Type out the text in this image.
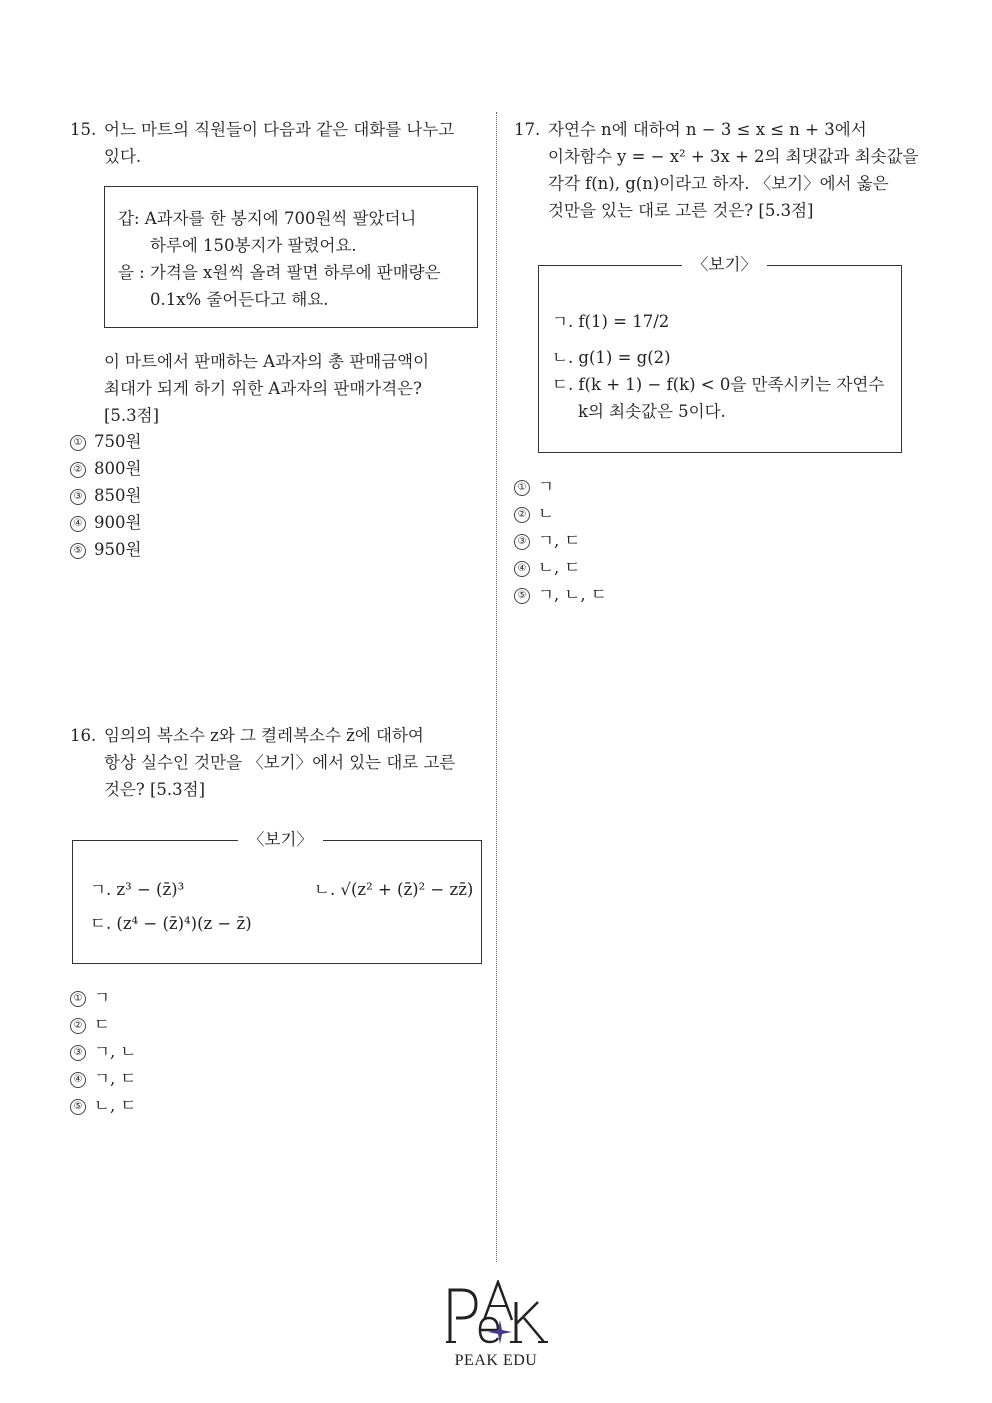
15. 어느 마트의 직원들이 다음과 같은 대화를 나누고
있다.
갑: A과자를 한 봉지에 700원씩 팔았더니
하루에 150봉지가 팔렸어요.
을 : 가격을 x원씩 올려 팔면 하루에 판매량은
0.1x% 줄어든다고 해요.
이 마트에서 판매하는 A과자의 총 판매금액이
최대가 되게 하기 위한 A과자의 판매가격은?
[5.3점]
① 750원
② 800원
③ 850원
④ 900원
⑤ 950원
16. 임의의 복소수 z와 그 켤레복소수 z̄에 대하여
항상 실수인 것만을 〈보기〉에서 있는 대로 고른
것은? [5.3점]
〈보기〉
ㄱ. z³ − (z̄)³	ㄴ. √(z² + (z̄)² − zz̄)
ㄷ. (z⁴ − (z̄)⁴)(z − z̄)
① ㄱ
② ㄷ
③ ㄱ, ㄴ
④ ㄱ, ㄷ
⑤ ㄴ, ㄷ
17. 자연수 n에 대하여 n − 3 ≤ x ≤ n + 3에서
이차함수 y = − x² + 3x + 2의 최댓값과 최솟값을
각각 f(n), g(n)이라고 하자. 〈보기〉에서 옳은
것만을 있는 대로 고른 것은? [5.3점]
〈보기〉
ㄱ. f(1) = 17/2
ㄴ. g(1) = g(2)
ㄷ. f(k + 1) − f(k) < 0을 만족시키는 자연수
k의 최솟값은 5이다.
① ㄱ
② ㄴ
③ ㄱ, ㄷ
④ ㄴ, ㄷ
⑤ ㄱ, ㄴ, ㄷ
PEAK EDU
